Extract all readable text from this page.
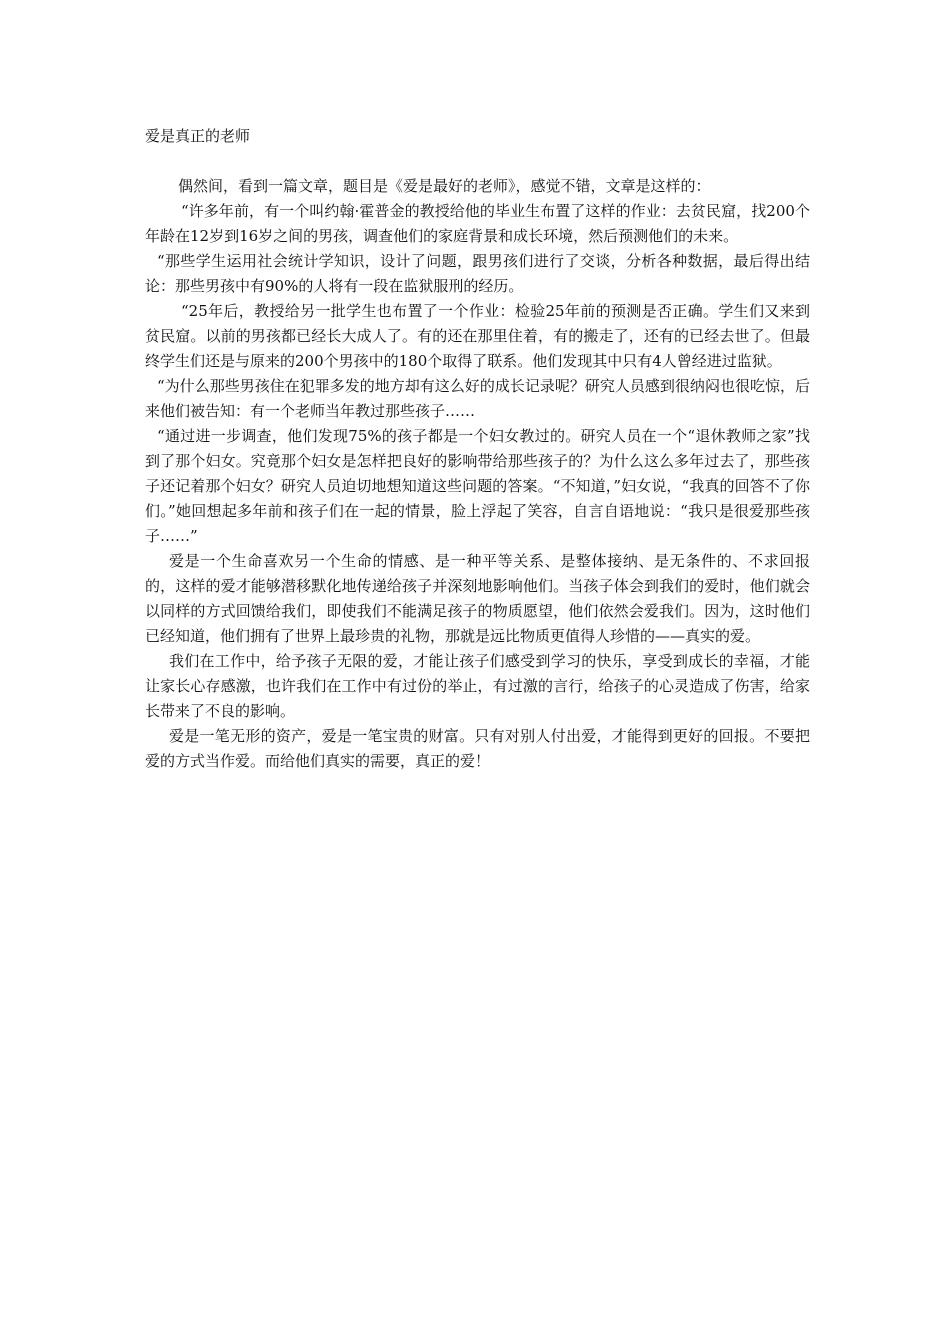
爱是真正的老师

偶然间，看到一篇文章，题目是《爱是最好的老师》，感觉不错，文章是这样的：

“许多年前，有一个叫约翰·霍普金的教授给他的毕业生布置了这样的作业：去贫民窟，找200个年龄在12岁到16岁之间的男孩，调查他们的家庭背景和成长环境，然后预测他们的未来。

“那些学生运用社会统计学知识，设计了问题，跟男孩们进行了交谈，分析各种数据，最后得出结论：那些男孩中有90%的人将有一段在监狱服刑的经历。

“25年后，教授给另一批学生也布置了一个作业：检验25年前的预测是否正确。学生们又来到贫民窟。以前的男孩都已经长大成人了。有的还在那里住着，有的搬走了，还有的已经去世了。但最终学生们还是与原来的200个男孩中的180个取得了联系。他们发现其中只有4人曾经进过监狱。

“为什么那些男孩住在犯罪多发的地方却有这么好的成长记录呢？研究人员感到很纳闷也很吃惊，后来他们被告知：有一个老师当年教过那些孩子……

“通过进一步调查，他们发现75%的孩子都是一个妇女教过的。研究人员在一个“退休教师之家”找到了那个妇女。究竟那个妇女是怎样把良好的影响带给那些孩子的？为什么这么多年过去了，那些孩子还记着那个妇女？研究人员迫切地想知道这些问题的答案。“不知道，”妇女说，“我真的回答不了你们。”她回想起多年前和孩子们在一起的情景，脸上浮起了笑容，自言自语地说：“我只是很爱那些孩子……”

爱是一个生命喜欢另一个生命的情感、是一种平等关系、是整体接纳、是无条件的、不求回报的，这样的爱才能够潜移默化地传递给孩子并深刻地影响他们。当孩子体会到我们的爱时，他们就会以同样的方式回馈给我们，即使我们不能满足孩子的物质愿望，他们依然会爱我们。因为，这时他们已经知道，他们拥有了世界上最珍贵的礼物，那就是远比物质更值得人珍惜的——真实的爱。

我们在工作中，给予孩子无限的爱，才能让孩子们感受到学习的快乐，享受到成长的幸福，才能让家长心存感激，也许我们在工作中有过份的举止，有过激的言行，给孩子的心灵造成了伤害，给家长带来了不良的影响。

爱是一笔无形的资产，爱是一笔宝贵的财富。只有对别人付出爱，才能得到更好的回报。不要把爱的方式当作爱。而给他们真实的需要，真正的爱！
